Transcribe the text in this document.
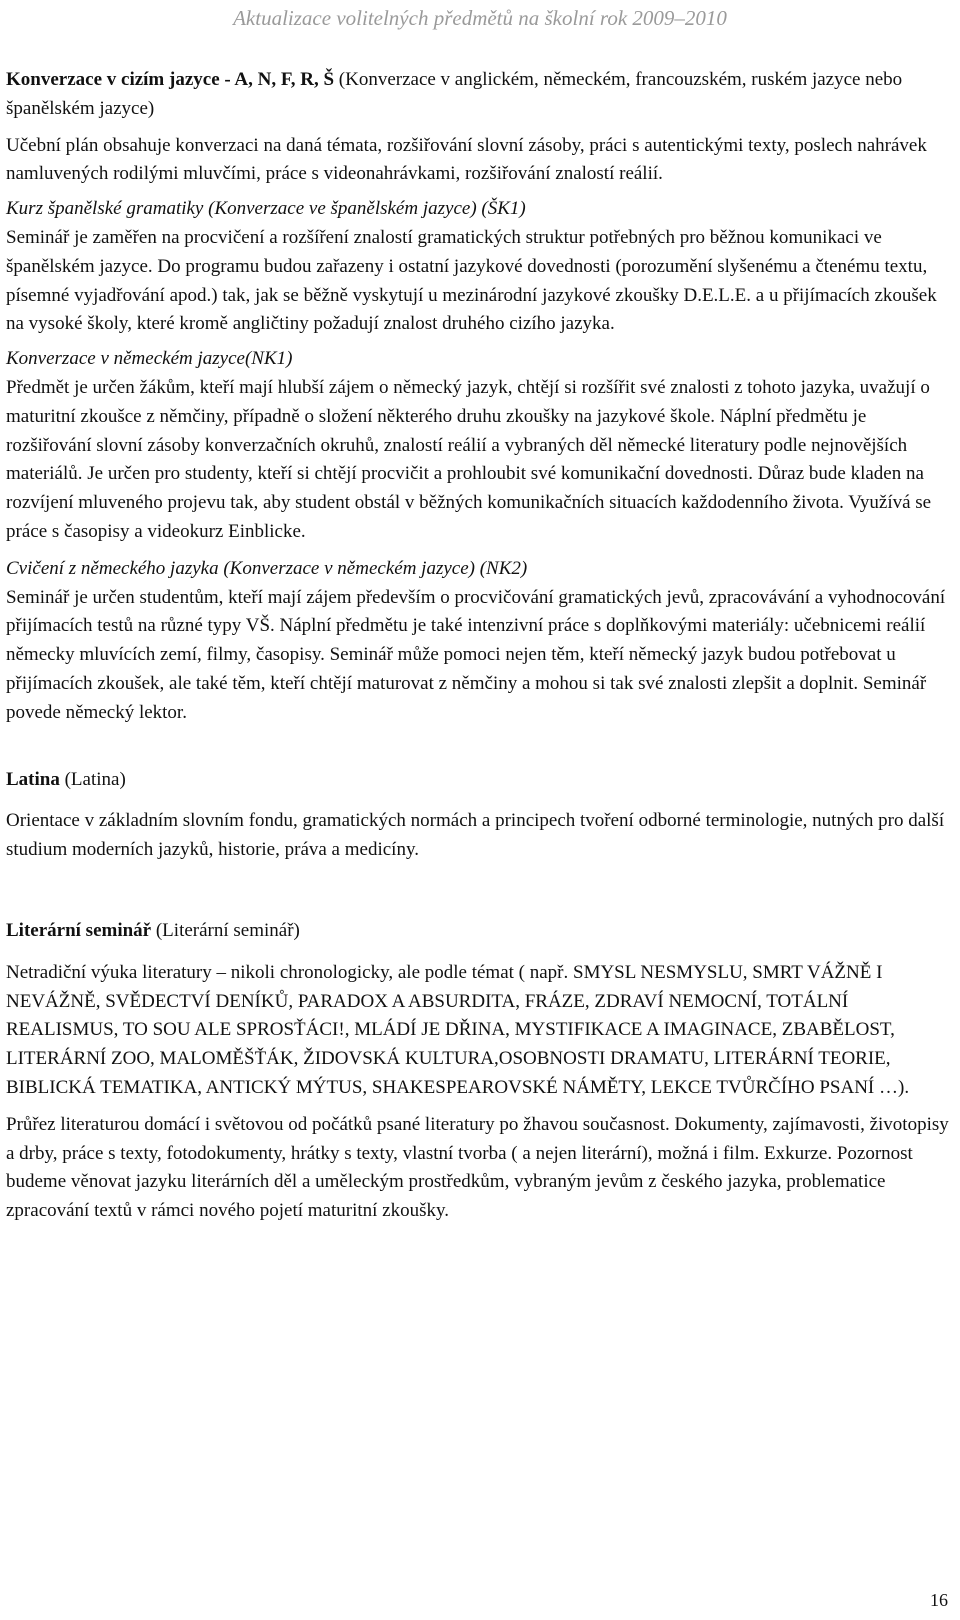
Aktualizace volitelných předmětů na školní rok 2009–2010

Konverzace v cizím jazyce - A, N, F, R, Š (Konverzace v anglickém, německém, francouzském, ruském jazyce nebo španělském jazyce)

Učební plán obsahuje konverzaci na daná témata, rozšiřování slovní zásoby, práci s autentickými texty, poslech nahrávek namluvených rodilými mluvčími, práce s videonahrávkami, rozšiřování znalostí reálií.

Kurz španělské gramatiky (Konverzace ve španělském jazyce) (ŠK1)

Seminář je zaměřen na procvičení a rozšíření znalostí gramatických struktur potřebných pro běžnou komunikaci ve španělském jazyce. Do programu budou zařazeny i ostatní jazykové dovednosti (porozumění slyšenému a čtenému textu, písemné vyjadřování apod.) tak, jak se běžně vyskytují u mezinárodní jazykové zkoušky D.E.L.E. a u přijímacích zkoušek na vysoké školy, které kromě angličtiny požadují znalost druhého cizího jazyka.

Konverzace v německém jazyce(NK1)

Předmět je určen žákům, kteří mají hlubší zájem o německý jazyk, chtějí si rozšířit své znalosti z tohoto jazyka, uvažují o maturitní zkoušce z němčiny, případně o složení některého druhu zkoušky na jazykové škole. Náplní předmětu je rozšiřování slovní zásoby konverzačních okruhů, znalostí reálií a vybraných děl německé literatury podle nejnovějších materiálů. Je určen pro studenty, kteří si chtějí procvičit a prohloubit své komunikační dovednosti. Důraz bude kladen na rozvíjení mluveného projevu tak, aby student obstál v běžných komunikačních situacích každodenního života. Využívá se práce s časopisy a videokurz Einblicke.

Cvičení z německého jazyka (Konverzace v německém jazyce) (NK2)

Seminář je určen studentům, kteří mají zájem především o procvičování gramatických jevů, zpracovávání a vyhodnocování přijímacích testů na různé typy VŠ. Náplní předmětu je také intenzivní práce s doplňkovými materiály: učebnicemi reálií německy mluvících zemí, filmy, časopisy. Seminář může pomoci nejen těm, kteří německý jazyk budou potřebovat u přijímacích zkoušek, ale také těm, kteří chtějí maturovat z němčiny a mohou si tak své znalosti zlepšit a doplnit. Seminář povede německý lektor.

Latina (Latina)

Orientace v základním slovním fondu, gramatických normách a principech tvoření odborné terminologie, nutných pro další studium moderních jazyků, historie, práva a medicíny.

Literární seminář (Literární seminář)

Netradiční výuka literatury – nikoli chronologicky, ale podle témat ( např. SMYSL NESMYSLU, SMRT VÁŽNĚ I NEVÁŽNĚ, SVĚDECTVÍ DENÍKŮ, PARADOX A ABSURDITA, FRÁZE, ZDRAVÍ NEMOCNÍ, TOTÁLNÍ REALISMUS, TO SOU ALE SPROSŤÁCI!, MLÁDÍ JE DŘINA, MYSTIFIKACE A IMAGINACE, ZBABĚLOST, LITERÁRNÍ ZOO, MALOMĚŠŤÁK, ŽIDOVSKÁ KULTURA,OSOBNOSTI DRAMATU, LITERÁRNÍ TEORIE, BIBLICKÁ TEMATIKA, ANTICKÝ MÝTUS, SHAKESPEAROVSKÉ NÁMĚTY, LEKCE TVŮRČÍHO PSANÍ …).

Průřez literaturou domácí i světovou od počátků psané literatury po žhavou současnost. Dokumenty, zajímavosti, životopisy a drby, práce s texty, fotodokumenty, hrátky s texty, vlastní tvorba ( a nejen literární), možná i film. Exkurze. Pozornost budeme věnovat jazyku literárních děl a uměleckým prostředkům, vybraným jevům z českého jazyka, problematice zpracování textů v rámci nového pojetí maturitní zkoušky.

16
